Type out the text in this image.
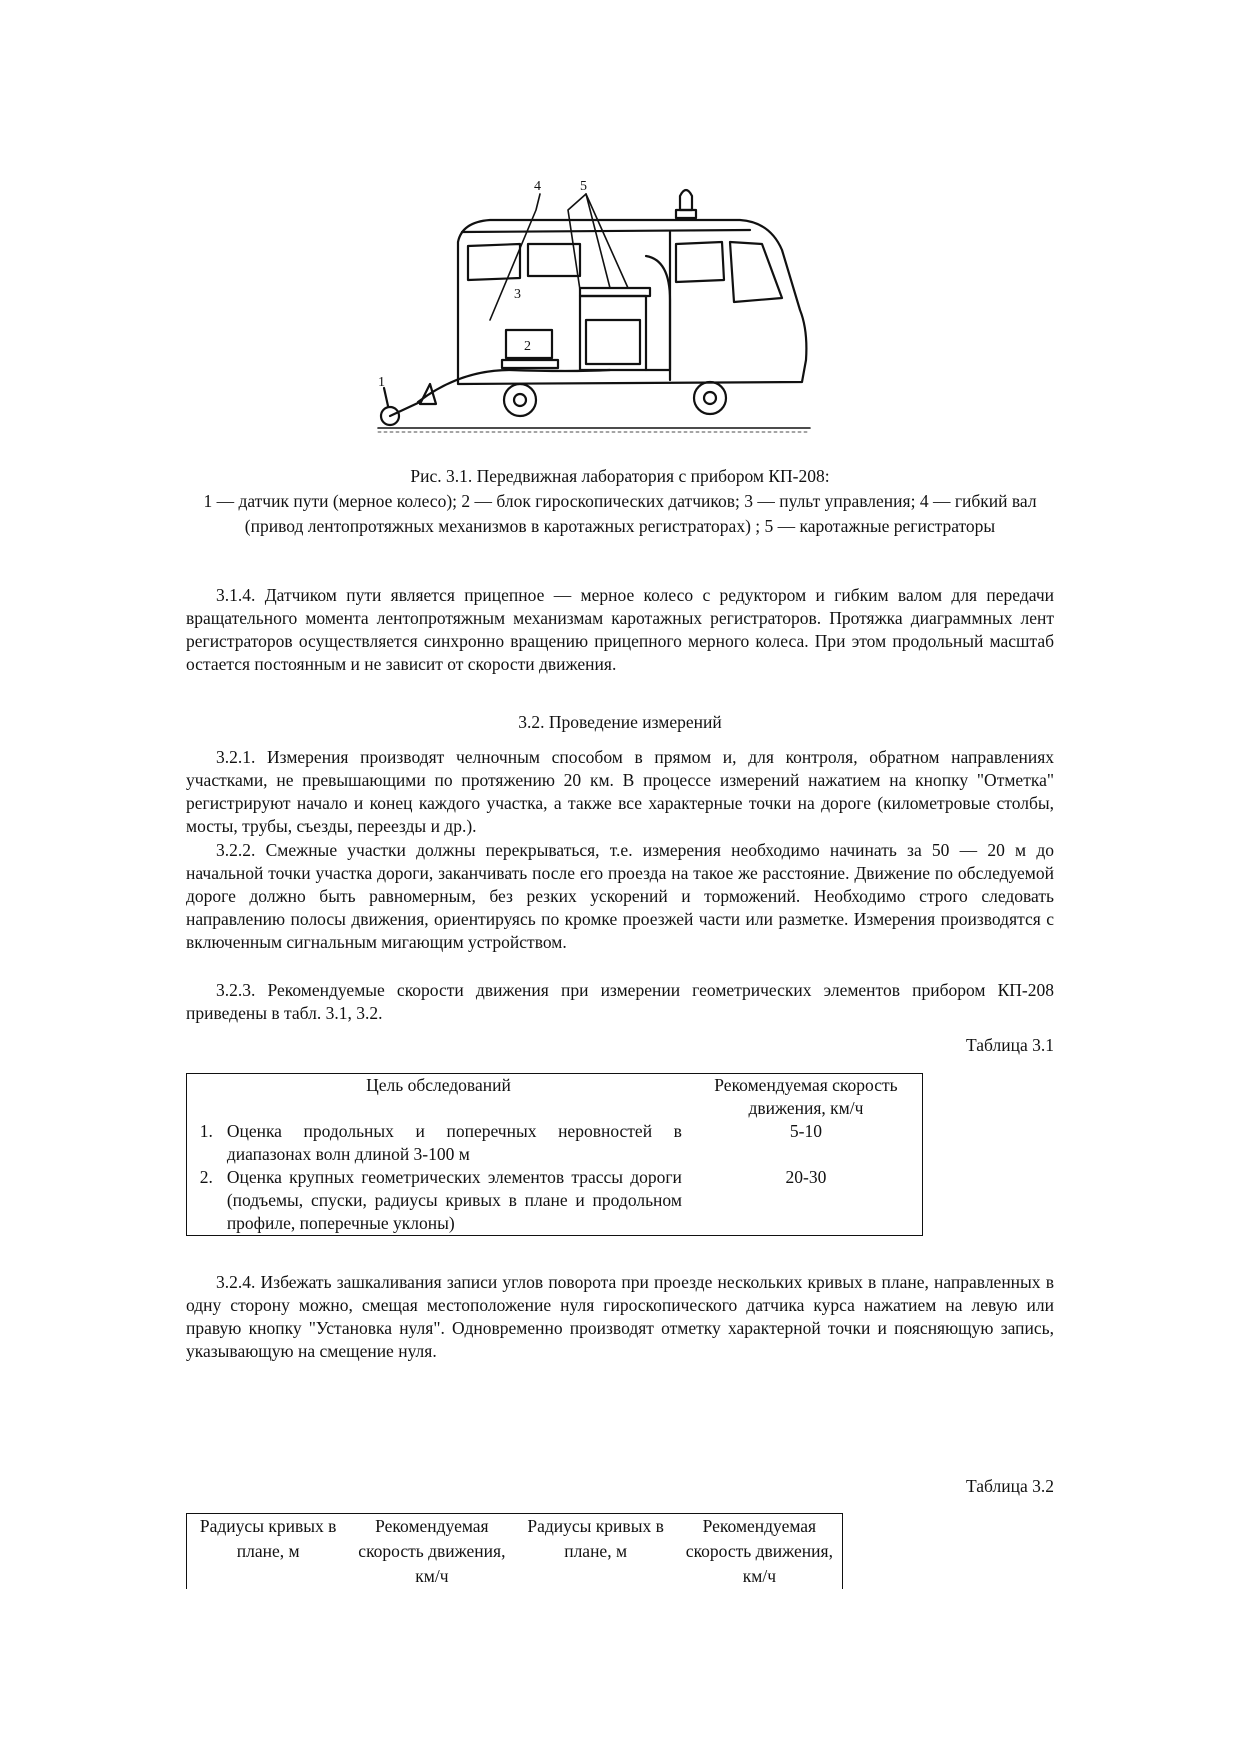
1
2
3
4	5
Рис. 3.1. Передвижная лаборатория с прибором КП-208:
1 — датчик пути (мерное колесо); 2 — блок гироскопических датчиков; 3 — пульт управления; 4 — гибкий вал (привод лентопротяжных механизмов в каротажных регистраторах) ; 5 — каротажные регистраторы

3.1.4. Датчиком пути является прицепное — мерное колесо с редуктором и гибким валом для передачи вращательного момента лентопротяжным механизмам каротажных регистраторов. Протяжка диаграммных лент регистраторов осуществляется синхронно вращению прицепного мерного колеса. При этом продольный масштаб остается постоянным и не зависит от скорости движения.

3.2. Проведение измерений

3.2.1. Измерения производят челночным способом в прямом и, для контроля, обратном направлениях участками, не превышающими по протяжению 20 км. В процессе измерений нажатием на кнопку "Отметка" регистрируют начало и конец каждого участка, а также все характерные точки на дороге (километровые столбы, мосты, трубы, съезды, переезды и др.).

3.2.2. Смежные участки должны перекрываться, т.е. измерения необходимо начинать за 50 — 20 м до начальной точки участка дороги, заканчивать после его проезда на такое же расстояние. Движение по обследуемой дороге должно быть равномерным, без резких ускорений и торможений. Необходимо строго следовать направлению полосы движения, ориентируясь по кромке проезжей части или разметке. Измерения производятся с включенным сигнальным мигающим устройством.

3.2.3. Рекомендуемые скорости движения при измерении геометрических элементов прибором КП-208 приведены в табл. 3.1, 3.2.

Таблица 3.1
Цель обследований		Рекомендуемая скорость движения, км/ч
1.	Оценка продольных и поперечных неровностей в диапазонах волн длиной 3-100 м	5-10
2.	Оценка крупных геометрических элементов трассы дороги (подъемы, спуски, радиусы кривых в плане и продольном профиле, поперечные уклоны)	20-30

3.2.4. Избежать зашкаливания записи углов поворота при проезде нескольких кривых в плане, направленных в одну сторону можно, смещая местоположение нуля гироскопического датчика курса нажатием на левую или правую кнопку "Установка нуля". Одновременно производят отметку характерной точки и поясняющую запись, указывающую на смещение нуля.

Таблица 3.2
Радиусы кривых в плане, м	Рекомендуемая скорость движения, км/ч	Радиусы кривых в плане, м	Рекомендуемая скорость движения, км/ч
